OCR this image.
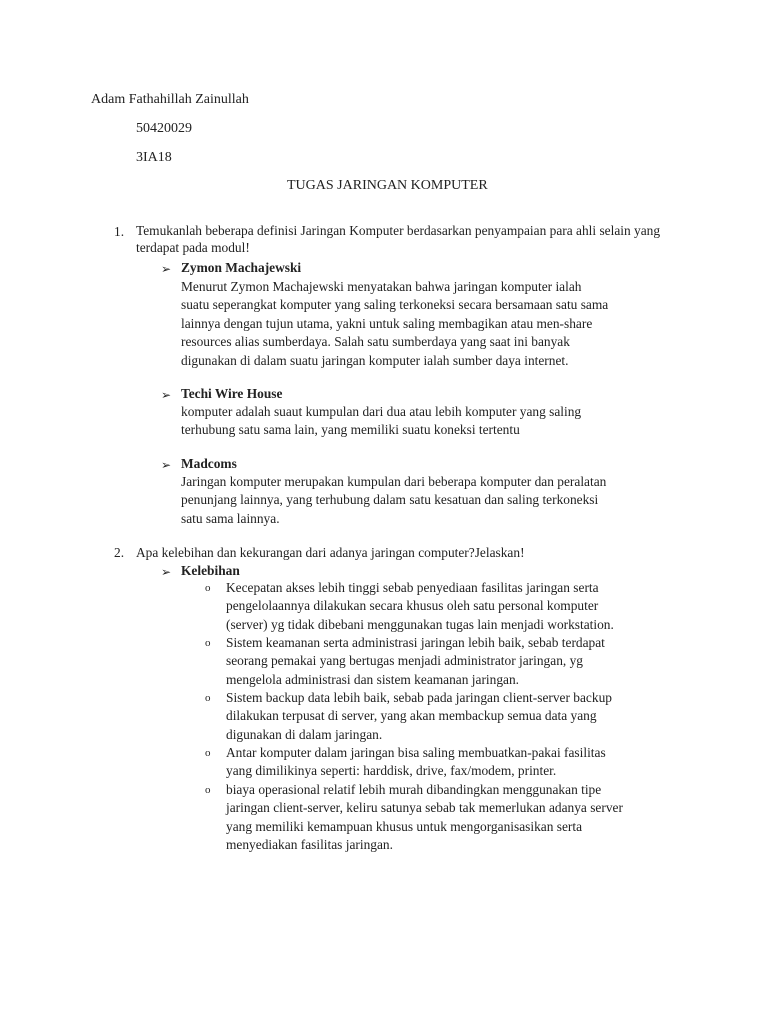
Adam Fathahillah Zainullah
50420029
3IA18
TUGAS JARINGAN KOMPUTER
1. Temukanlah beberapa definisi Jaringan Komputer berdasarkan penyampaian para ahli selain yang
terdapat pada modul!
➢ Zymon Machajewski
Menurut Zymon Machajewski menyatakan bahwa jaringan komputer ialah
suatu seperangkat komputer yang saling terkoneksi secara bersamaan satu sama
lainnya dengan tujun utama, yakni untuk saling membagikan atau men-share
resources alias sumberdaya. Salah satu sumberdaya yang saat ini banyak
digunakan di dalam suatu jaringan komputer ialah sumber daya internet.
➢ Techi Wire House
komputer adalah suaut kumpulan dari dua atau lebih komputer yang saling
terhubung satu sama lain, yang memiliki suatu koneksi tertentu
➢ Madcoms
Jaringan komputer merupakan kumpulan dari beberapa komputer dan peralatan
penunjang lainnya, yang terhubung dalam satu kesatuan dan saling terkoneksi
satu sama lainnya.
2. Apa kelebihan dan kekurangan dari adanya jaringan computer?Jelaskan!
➢ Kelebihan
o Kecepatan akses lebih tinggi sebab penyediaan fasilitas jaringan serta
pengelolaannya dilakukan secara khusus oleh satu personal komputer
(server) yg tidak dibebani menggunakan tugas lain menjadi workstation.
o Sistem keamanan serta administrasi jaringan lebih baik, sebab terdapat
seorang pemakai yang bertugas menjadi administrator jaringan, yg
mengelola administrasi dan sistem keamanan jaringan.
o Sistem backup data lebih baik, sebab pada jaringan client-server backup
dilakukan terpusat di server, yang akan membackup semua data yang
digunakan di dalam jaringan.
o Antar komputer dalam jaringan bisa saling membuatkan-pakai fasilitas
yang dimilikinya seperti: harddisk, drive, fax/modem, printer.
o biaya operasional relatif lebih murah dibandingkan menggunakan tipe
jaringan client-server, keliru satunya sebab tak memerlukan adanya server
yang memiliki kemampuan khusus untuk mengorganisasikan serta
menyediakan fasilitas jaringan.
